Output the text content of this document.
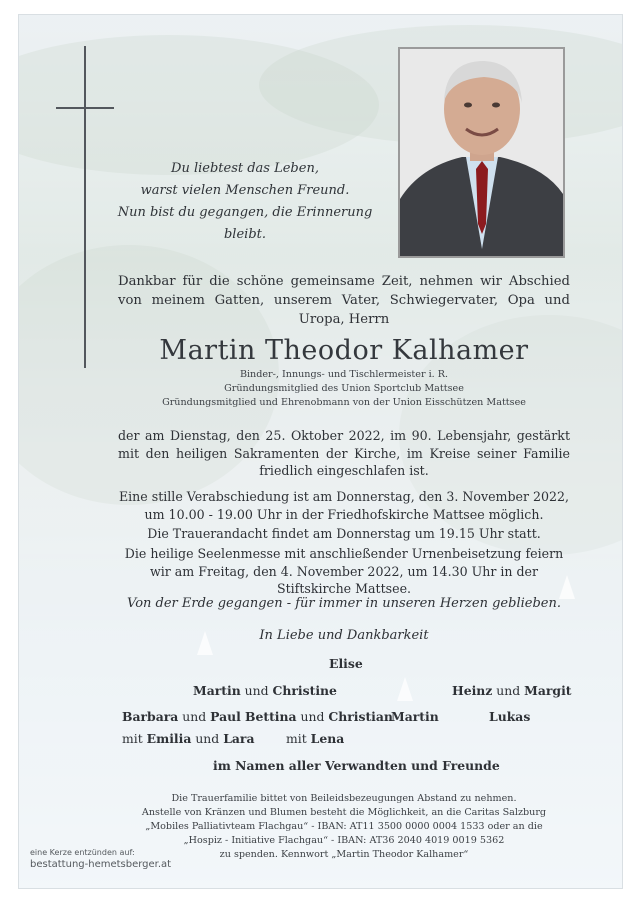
Du liebtest das Leben,
warst vielen Menschen Freund.
Nun bist du gegangen, die Erinnerung bleibt.
Dankbar für die schöne gemeinsame Zeit, nehmen wir Abschied von meinem Gatten, unserem Vater, Schwiegervater, Opa und Uropa, Herrn
Martin Theodor Kalhamer
Binder-, Innungs- und Tischlermeister i. R.
Gründungsmitglied des Union Sportclub Mattsee
Gründungsmitglied und Ehrenobmann von der Union Eisschützen Mattsee
der am Dienstag, den 25. Oktober 2022, im 90. Lebensjahr, gestärkt mit den heiligen Sakramenten der Kirche, im Kreise seiner Familie friedlich eingeschlafen ist.
Eine stille Verabschiedung ist am Donnerstag, den 3. November 2022, um 10.00 - 19.00 Uhr in der Friedhofskirche Mattsee möglich.
Die Trauerandacht findet am Donnerstag um 19.15 Uhr statt.
Die heilige Seelenmesse mit anschließender Urnenbeisetzung feiern wir am Freitag, den 4. November 2022, um 14.30 Uhr in der Stiftskirche Mattsee.
Von der Erde gegangen - für immer in unseren Herzen geblieben.
In Liebe und Dankbarkeit
Elise
Martin und Christine	Heinz und Margit
Barbara und Paul Bettina und Christian
Martin	Lukas
mit Emilia und Lara	mit Lena
im Namen aller Verwandten und Freunde
Die Trauerfamilie bittet von Beileidsbezeugungen Abstand zu nehmen.
Anstelle von Kränzen und Blumen besteht die Möglichkeit, an die Caritas Salzburg
„Mobiles Palliativteam Flachgau“ - IBAN: AT11 3500 0000 0004 1533 oder an die
„Hospiz - Initiative Flachgau“ - IBAN: AT36 2040 4019 0019 5362
zu spenden. Kennwort „Martin Theodor Kalhamer“
eine Kerze entzünden auf:
bestattung-hemetsberger.at
